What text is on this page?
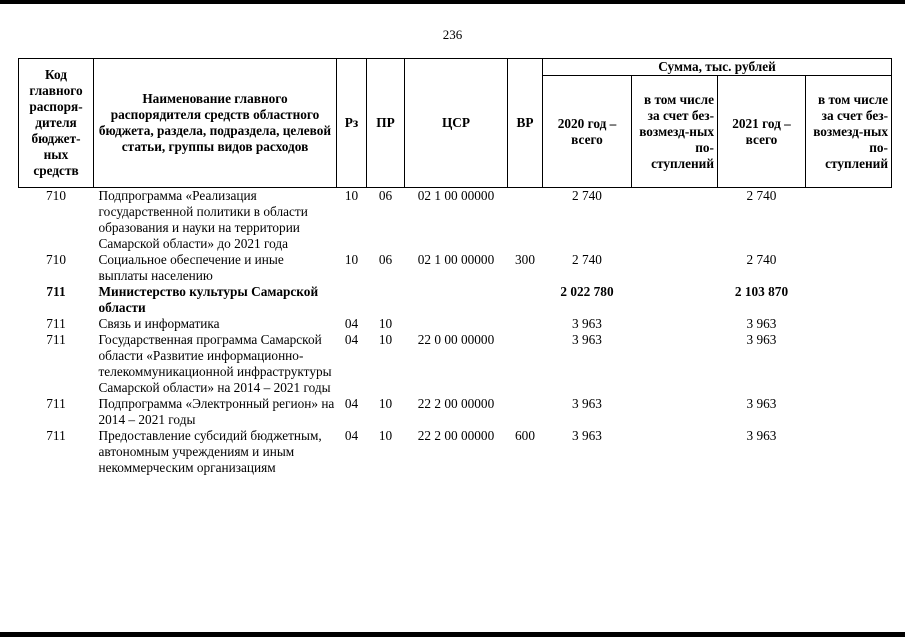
236
Код главного распоря-дителя бюджет-ных средств	Наименование главного распорядителя средств областного бюджета, раздела, подраздела, целевой статьи, группы видов расходов	Рз	ПР	ЦСР	ВР	Сумма, тыс. рублей			
						2020 год – всего	в том числе за счет без-возмезд-ных по-ступлений	2021 год – всего	в том числе за счет без-возмезд-ных по-ступлений
710	Подпрограмма «Реализация государственной политики в области образования и науки на территории Самарской области» до 2021 года	10	06	02 1 00 00000		2 740		2 740	
710	Социальное обеспечение и иные выплаты населению	10	06	02 1 00 00000	300	2 740		2 740	
711	Министерство культуры Самарской области					2 022 780		2 103 870	
711	Связь и информатика	04	10			3 963		3 963	
711	Государственная программа Самарской области «Развитие информационно-телекоммуникационной инфраструктуры Самарской области» на 2014 – 2021 годы	04	10	22 0 00 00000		3 963		3 963	
711	Подпрограмма «Электронный регион» на 2014 – 2021 годы	04	10	22 2 00 00000		3 963		3 963	
711	Предоставление субсидий бюджетным, автономным учреждениям и иным некоммерческим организациям	04	10	22 2 00 00000	600	3 963		3 963	
